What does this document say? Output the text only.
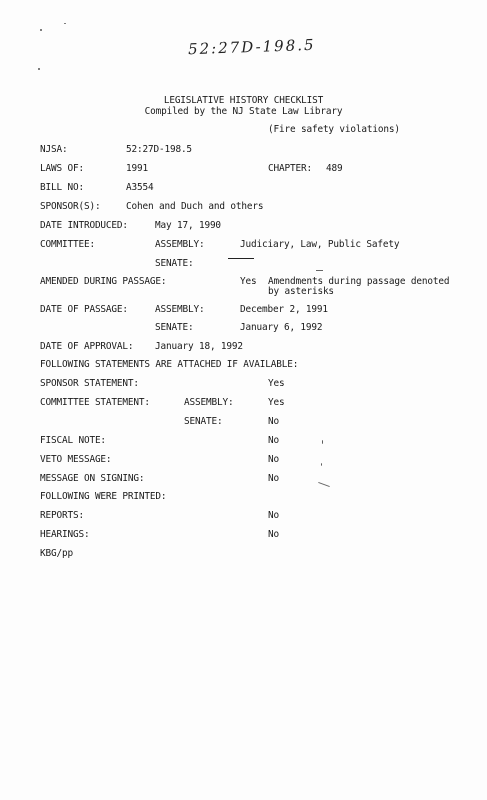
52:27D-198.5
LEGISLATIVE HISTORY CHECKLIST
Compiled by the NJ State Law Library
(Fire safety violations)
NJSA:	52:27D-198.5
LAWS OF:	1991	CHAPTER: 489
BILL NO:	A3554
SPONSOR(S):	Cohen and Duch and others
DATE INTRODUCED:	May 17, 1990
COMMITTEE:	ASSEMBLY:	Judiciary, Law, Public Safety
SENATE:
AMENDED DURING PASSAGE:	Yes Amendments during passage denoted
by asterisks
DATE OF PASSAGE:	ASSEMBLY:	December 2, 1991
SENATE:	January 6, 1992
DATE OF APPROVAL: January 18, 1992
FOLLOWING STATEMENTS ARE ATTACHED IF AVAILABLE:
SPONSOR STATEMENT:	Yes
COMMITTEE STATEMENT:	ASSEMBLY:	Yes
SENATE:	No
FISCAL NOTE:	No
VETO MESSAGE:	No
MESSAGE ON SIGNING:	No
FOLLOWING WERE PRINTED:
REPORTS:	No
HEARINGS:	No
KBG/pp
